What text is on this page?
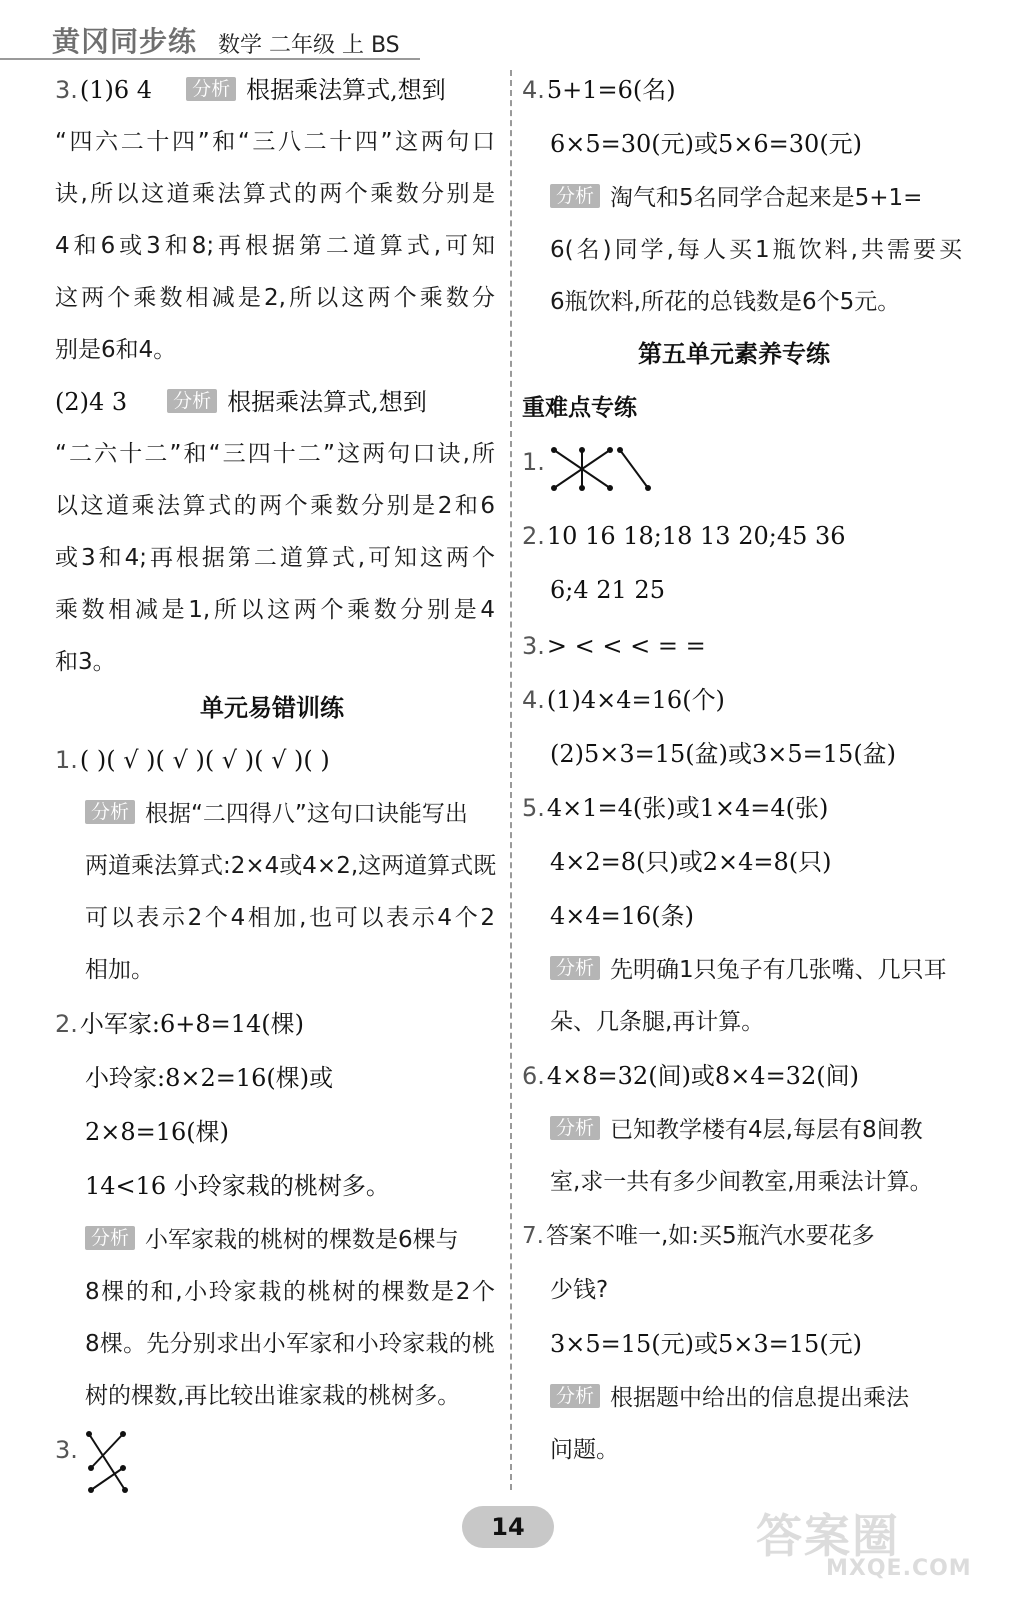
黄冈同步练 数学 二年级 上 BS
3.(1)6 4 分析 根据乘法算式,想到
“四六二十四”和“三八二十四”这两句口
诀,所以这道乘法算式的两个乘数分别是
4和6或3和8;再根据第二道算式,可知
这两个乘数相减是2,所以这两个乘数分
别是6和4。
(2)4 3 分析 根据乘法算式,想到
“二六十二”和“三四十二”这两句口诀,所
以这道乘法算式的两个乘数分别是2和6
或3和4;再根据第二道算式,可知这两个
乘数相减是1,所以这两个乘数分别是4
和3。
单元易错训练
1.( )( √ )( √ )( √ )( √ )( )
分析 根据“二四得八”这句口诀能写出
两道乘法算式:2×4或4×2,这两道算式既
可以表示2个4相加,也可以表示4个2
相加。
2.小军家:6+8=14(棵)
小玲家:8×2=16(棵)或
2×8=16(棵)
14<16 小玲家栽的桃树多。
分析 小军家栽的桃树的棵数是6棵与
8棵的和,小玲家栽的桃树的棵数是2个
8棵。先分别求出小军家和小玲家栽的桃
树的棵数,再比较出谁家栽的桃树多。
3.
4.5+1=6(名)
6×5=30(元)或5×6=30(元)
分析 淘气和5名同学合起来是5+1=
6(名)同学,每人买1瓶饮料,共需要买
6瓶饮料,所花的总钱数是6个5元。
第五单元素养专练
重难点专练
1.
2.10 16 18;18 13 20;45 36
6;4 21 25
3.> < < < = =
4.(1)4×4=16(个)
(2)5×3=15(盆)或3×5=15(盆)
5.4×1=4(张)或1×4=4(张)
4×2=8(只)或2×4=8(只)
4×4=16(条)
分析 先明确1只兔子有几张嘴、几只耳
朵、几条腿,再计算。
6.4×8=32(间)或8×4=32(间)
分析 已知教学楼有4层,每层有8间教
室,求一共有多少间教室,用乘法计算。
7.答案不唯一,如:买5瓶汽水要花多
少钱?
3×5=15(元)或5×3=15(元)
分析 根据题中给出的信息提出乘法
问题。
14	答案圈
MXQE.COM
